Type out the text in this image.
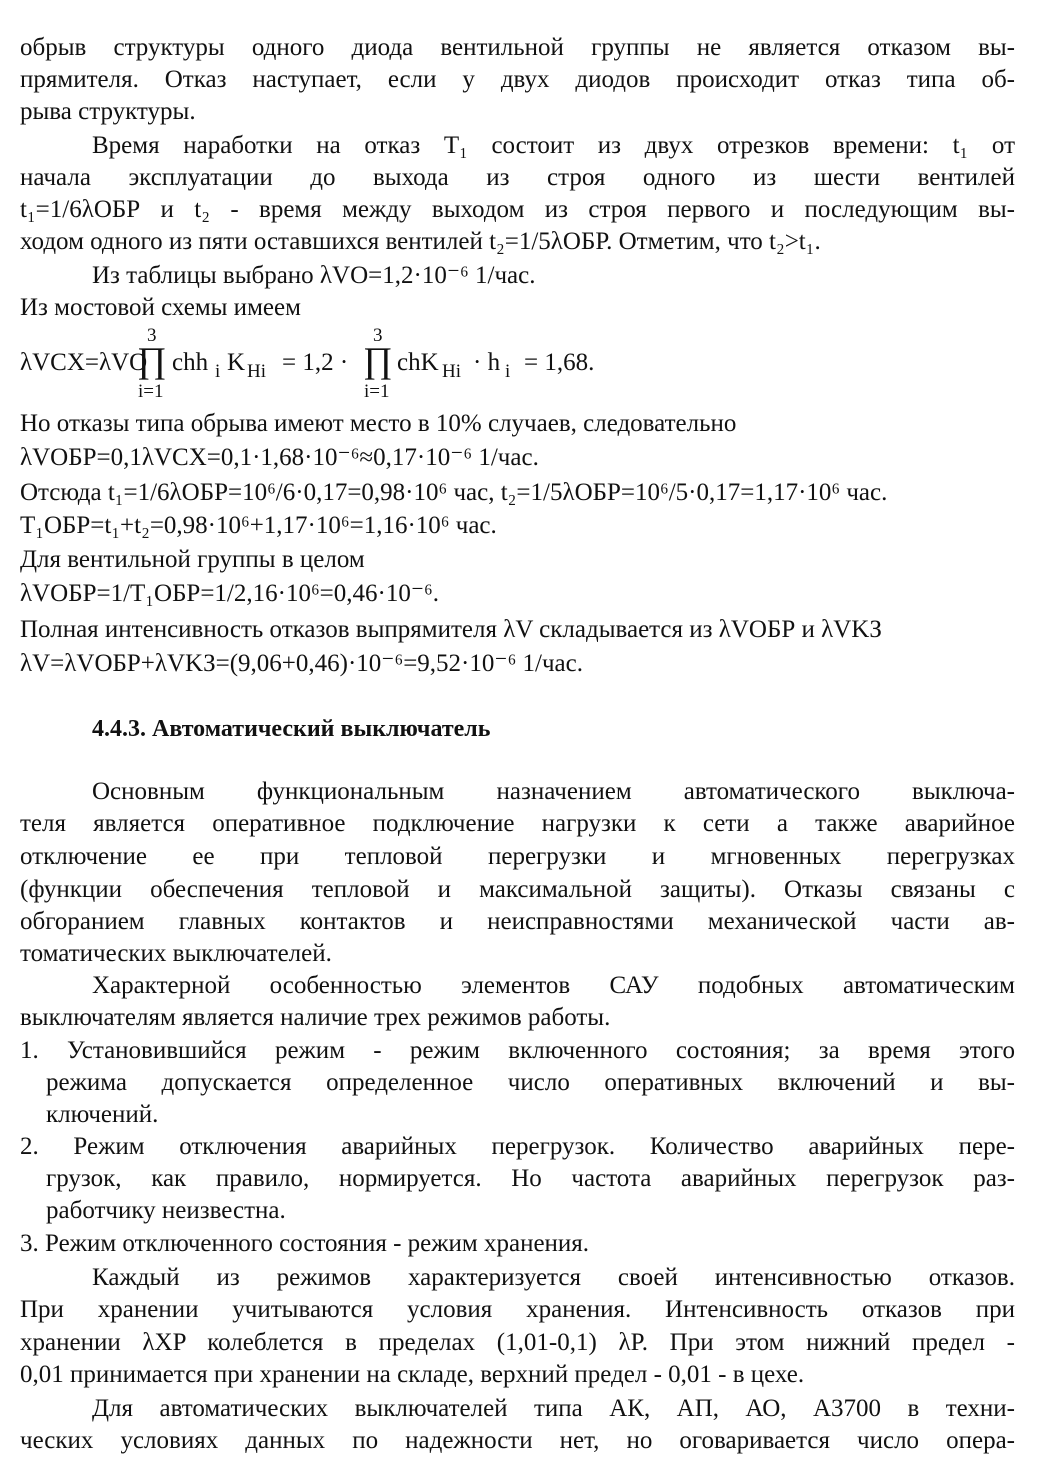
обрыв структуры одного диода вентильной группы не является отказом вы-
прямителя. Отказ наступает, если у двух диодов происходит отказ типа об-
рыва структуры.
Время наработки на отказ T₁ состоит из двух отрезков времени: t₁ от
начала эксплуатации до выхода из строя одного из шести вентилей
t₁=1/6λОБР и t₂ - время между выходом из строя первого и последующим вы-
ходом одного из пяти оставшихся вентилей t₂=1/5λОБР. Отметим, что t₂>t₁.
Из таблицы выбрано λVO=1,2·10⁻⁶ 1/час.
Из мостовой схемы имеем
λVCX=λVO
3
∏
i=1
chh i K Hi = 1,2 ·
3
∏
i=1
chK Hi · h i = 1,68.
Но отказы типа обрыва имеют место в 10% случаев, следовательно
λVОБР=0,1λVCX=0,1·1,68·10⁻⁶≈0,17·10⁻⁶ 1/час.
Отсюда t₁=1/6λОБР=10⁶/6·0,17=0,98·10⁶ час, t₂=1/5λОБР=10⁶/5·0,17=1,17·10⁶ час.
T₁ОБР=t₁+t₂=0,98·10⁶+1,17·10⁶=1,16·10⁶ час.
Для вентильной группы в целом
λVОБР=1/T₁ОБР=1/2,16·10⁶=0,46·10⁻⁶.
Полная интенсивность отказов выпрямителя λV складывается из λVОБР и λVKЗ
λV=λVОБР+λVKЗ=(9,06+0,46)·10⁻⁶=9,52·10⁻⁶ 1/час.
4.4.3. Автоматический выключатель
Основным функциональным назначением автоматического выключа-
теля является оперативное подключение нагрузки к сети а также аварийное
отключение ее при тепловой перегрузки и мгновенных перегрузках
(функции обеспечения тепловой и максимальной защиты). Отказы связаны с
обгоранием главных контактов и неисправностями механической части ав-
томатических выключателей.
Характерной особенностью элементов САУ подобных автоматическим
выключателям является наличие трех режимов работы.
1. Установившийся режим - режим включенного состояния; за время этого
режима допускается определенное число оперативных включений и вы-
ключений.
2. Режим отключения аварийных перегрузок. Количество аварийных пере-
грузок, как правило, нормируется. Но частота аварийных перегрузок раз-
работчику неизвестна.
3. Режим отключенного состояния - режим хранения.
Каждый из режимов характеризуется своей интенсивностью отказов.
При хранении учитываются условия хранения. Интенсивность отказов при
хранении λXP колеблется в пределах (1,01-0,1) λP. При этом нижний предел -
0,01 принимается при хранении на складе, верхний предел - 0,01 - в цехе.
Для автоматических выключателей типа АК, АП, АО, А3700 в техни-
ческих условиях данных по надежности нет, но оговаривается число опера-
